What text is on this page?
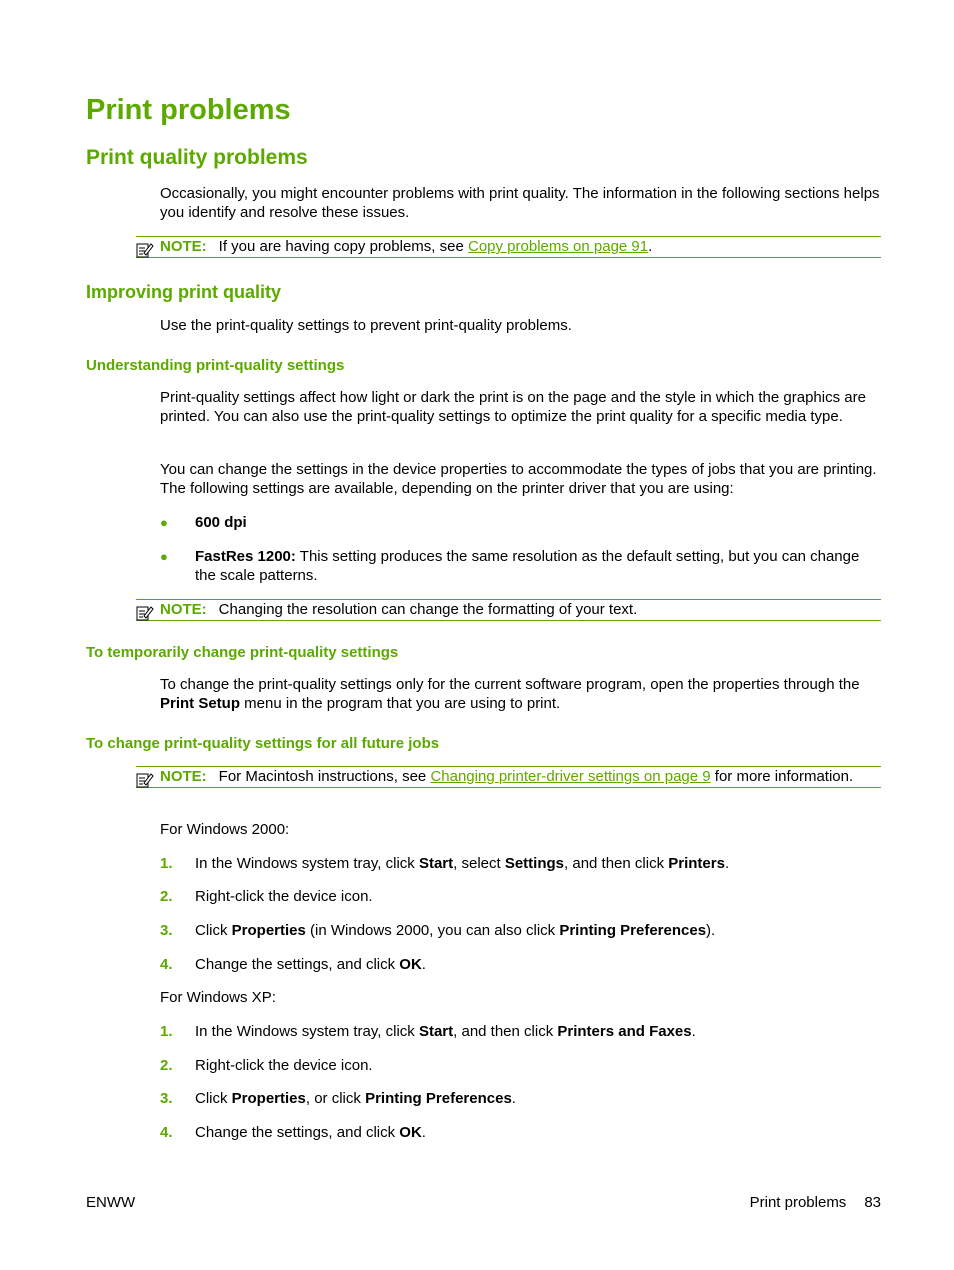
Print problems
Print quality problems

Occasionally, you might encounter problems with print quality. The information in the following sections helps you identify and resolve these issues.

NOTE: If you are having copy problems, see Copy problems on page 91.
Improving print quality

Use the print-quality settings to prevent print-quality problems.

Understanding print-quality settings

Print-quality settings affect how light or dark the print is on the page and the style in which the graphics are printed. You can also use the print-quality settings to optimize the print quality for a specific media type.

You can change the settings in the device properties to accommodate the types of jobs that you are printing. The following settings are available, depending on the printer driver that you are using:

● 600 dpi
● FastRes 1200: This setting produces the same resolution as the default setting, but you can change the scale patterns.
NOTE: Changing the resolution can change the formatting of your text.
To temporarily change print-quality settings

To change the print-quality settings only for the current software program, open the properties through the Print Setup menu in the program that you are using to print.

To change print-quality settings for all future jobs
NOTE: For Macintosh instructions, see Changing printer-driver settings on page 9 for more information.

For Windows 2000:

1. In the Windows system tray, click Start, select Settings, and then click Printers.
2. Right-click the device icon.
3. Click Properties (in Windows 2000, you can also click Printing Preferences).
4. Change the settings, and click OK.

For Windows XP:

1. In the Windows system tray, click Start, and then click Printers and Faxes.
2. Right-click the device icon.
3. Click Properties, or click Printing Preferences.
4. Change the settings, and click OK.
ENWW	Print problems 83
